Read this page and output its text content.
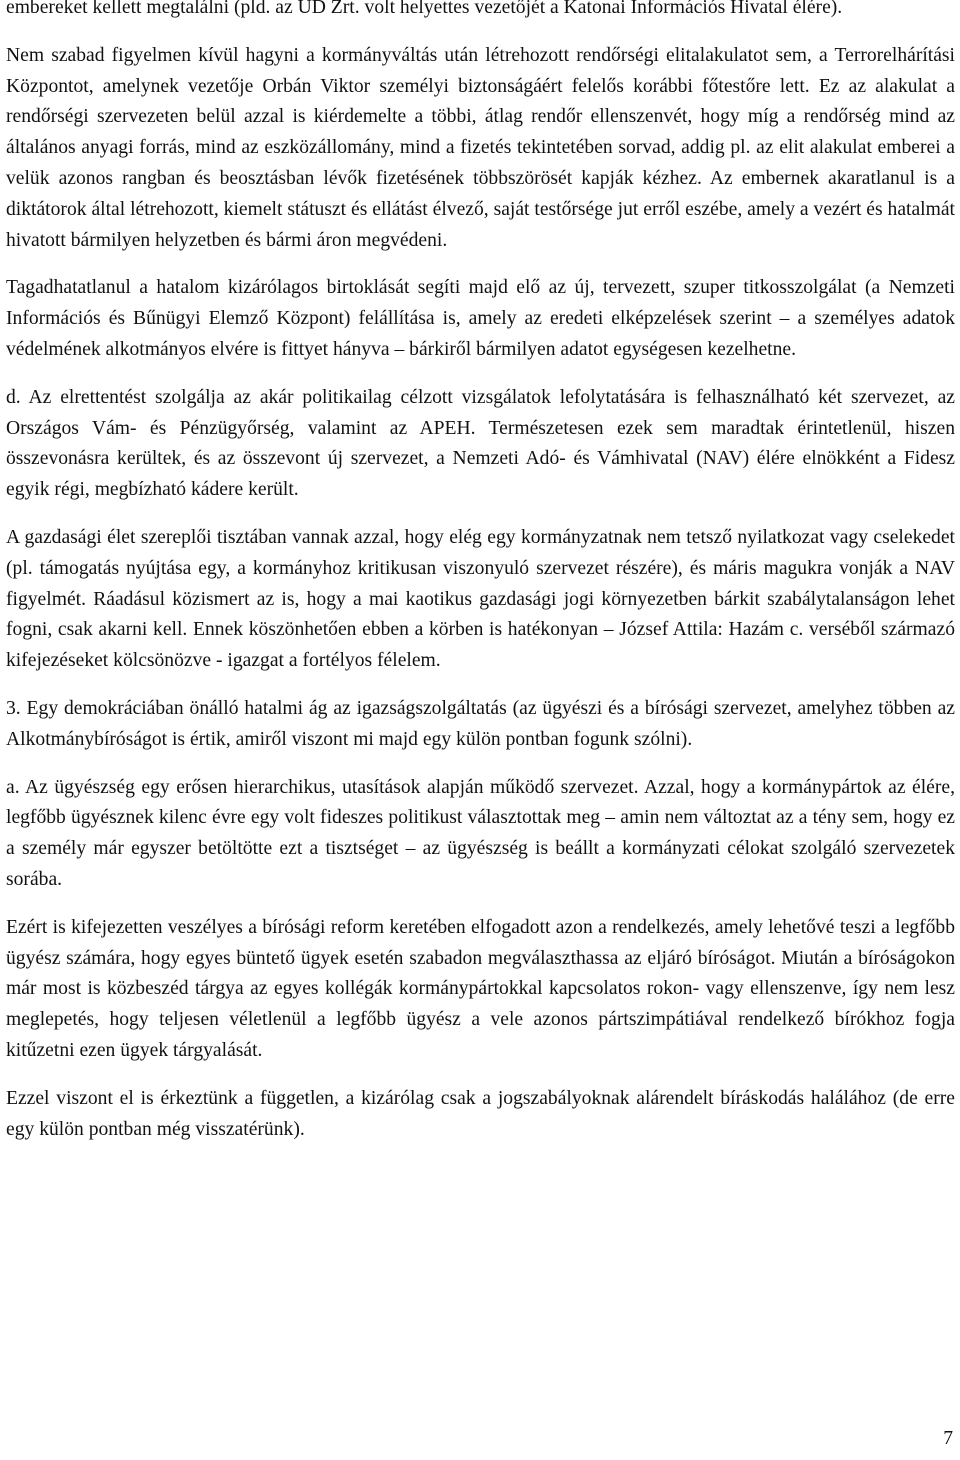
embereket kellett megtalálni (pld. az UD Zrt. volt helyettes vezetőjét a Katonai Információs Hivatal élére).

Nem szabad figyelmen kívül hagyni a kormányváltás után létrehozott rendőrségi elitalakulatot sem, a Terrorelhárítási Központot, amelynek vezetője Orbán Viktor személyi biztonságáért felelős korábbi főtestőre lett. Ez az alakulat a rendőrségi szervezeten belül azzal is kiérdemelte a többi, átlag rendőr ellenszenvét, hogy míg a rendőrség mind az általános anyagi forrás, mind az eszközállomány, mind a fizetés tekintetében sorvad, addig pl. az elit alakulat emberei a velük azonos rangban és beosztásban lévők fizetésének többszörösét kapják kézhez. Az embernek akaratlanul is a diktátorok által létrehozott, kiemelt státuszt és ellátást élvező, saját testőrsége jut erről eszébe, amely a vezért és hatalmát hivatott bármilyen helyzetben és bármi áron megvédeni.

Tagadhatatlanul a hatalom kizárólagos birtoklását segíti majd elő az új, tervezett, szuper titkosszolgálat (a Nemzeti Információs és Bűnügyi Elemző Központ) felállítása is, amely az eredeti elképzelések szerint – a személyes adatok védelmének alkotmányos elvére is fittyet hányva – bárkiről bármilyen adatot egységesen kezelhetne.

d. Az elrettentést szolgálja az akár politikailag célzott vizsgálatok lefolytatására is felhasználható két szervezet, az Országos Vám- és Pénzügyőrség, valamint az APEH. Természetesen ezek sem maradtak érintetlenül, hiszen összevonásra kerültek, és az összevont új szervezet, a Nemzeti Adó- és Vámhivatal (NAV) élére elnökként a Fidesz egyik régi, megbízható kádere került.

A gazdasági élet szereplői tisztában vannak azzal, hogy elég egy kormányzatnak nem tetsző nyilatkozat vagy cselekedet (pl. támogatás nyújtása egy, a kormányhoz kritikusan viszonyuló szervezet részére), és máris magukra vonják a NAV figyelmét. Ráadásul közismert az is, hogy a mai kaotikus gazdasági jogi környezetben bárkit szabálytalanságon lehet fogni, csak akarni kell. Ennek köszönhetően ebben a körben is hatékonyan – József Attila: Hazám c. verséből származó kifejezéseket kölcsönözve - igazgat a fortélyos félelem.

3. Egy demokráciában önálló hatalmi ág az igazságszolgáltatás (az ügyészi és a bírósági szervezet, amelyhez többen az Alkotmánybíróságot is értik, amiről viszont mi majd egy külön pontban fogunk szólni).

a. Az ügyészség egy erősen hierarchikus, utasítások alapján működő szervezet. Azzal, hogy a kormánypártok az élére, legfőbb ügyésznek kilenc évre egy volt fideszes politikust választottak meg – amin nem változtat az a tény sem, hogy ez a személy már egyszer betöltötte ezt a tisztséget – az ügyészség is beállt a kormányzati célokat szolgáló szervezetek sorába.

Ezért is kifejezetten veszélyes a bírósági reform keretében elfogadott azon a rendelkezés, amely lehetővé teszi a legfőbb ügyész számára, hogy egyes büntető ügyek esetén szabadon megválaszthassa az eljáró bíróságot. Miután a bíróságokon már most is közbeszéd tárgya az egyes kollégák kormánypártokkal kapcsolatos rokon- vagy ellenszenve, így nem lesz meglepetés, hogy teljesen véletlenül a legfőbb ügyész a vele azonos pártszimpátiával rendelkező bírókhoz fogja kitűzetni ezen ügyek tárgyalását.

Ezzel viszont el is érkeztünk a független, a kizárólag csak a jogszabályoknak alárendelt bíráskodás halálához (de erre egy külön pontban még visszatérünk).

7
